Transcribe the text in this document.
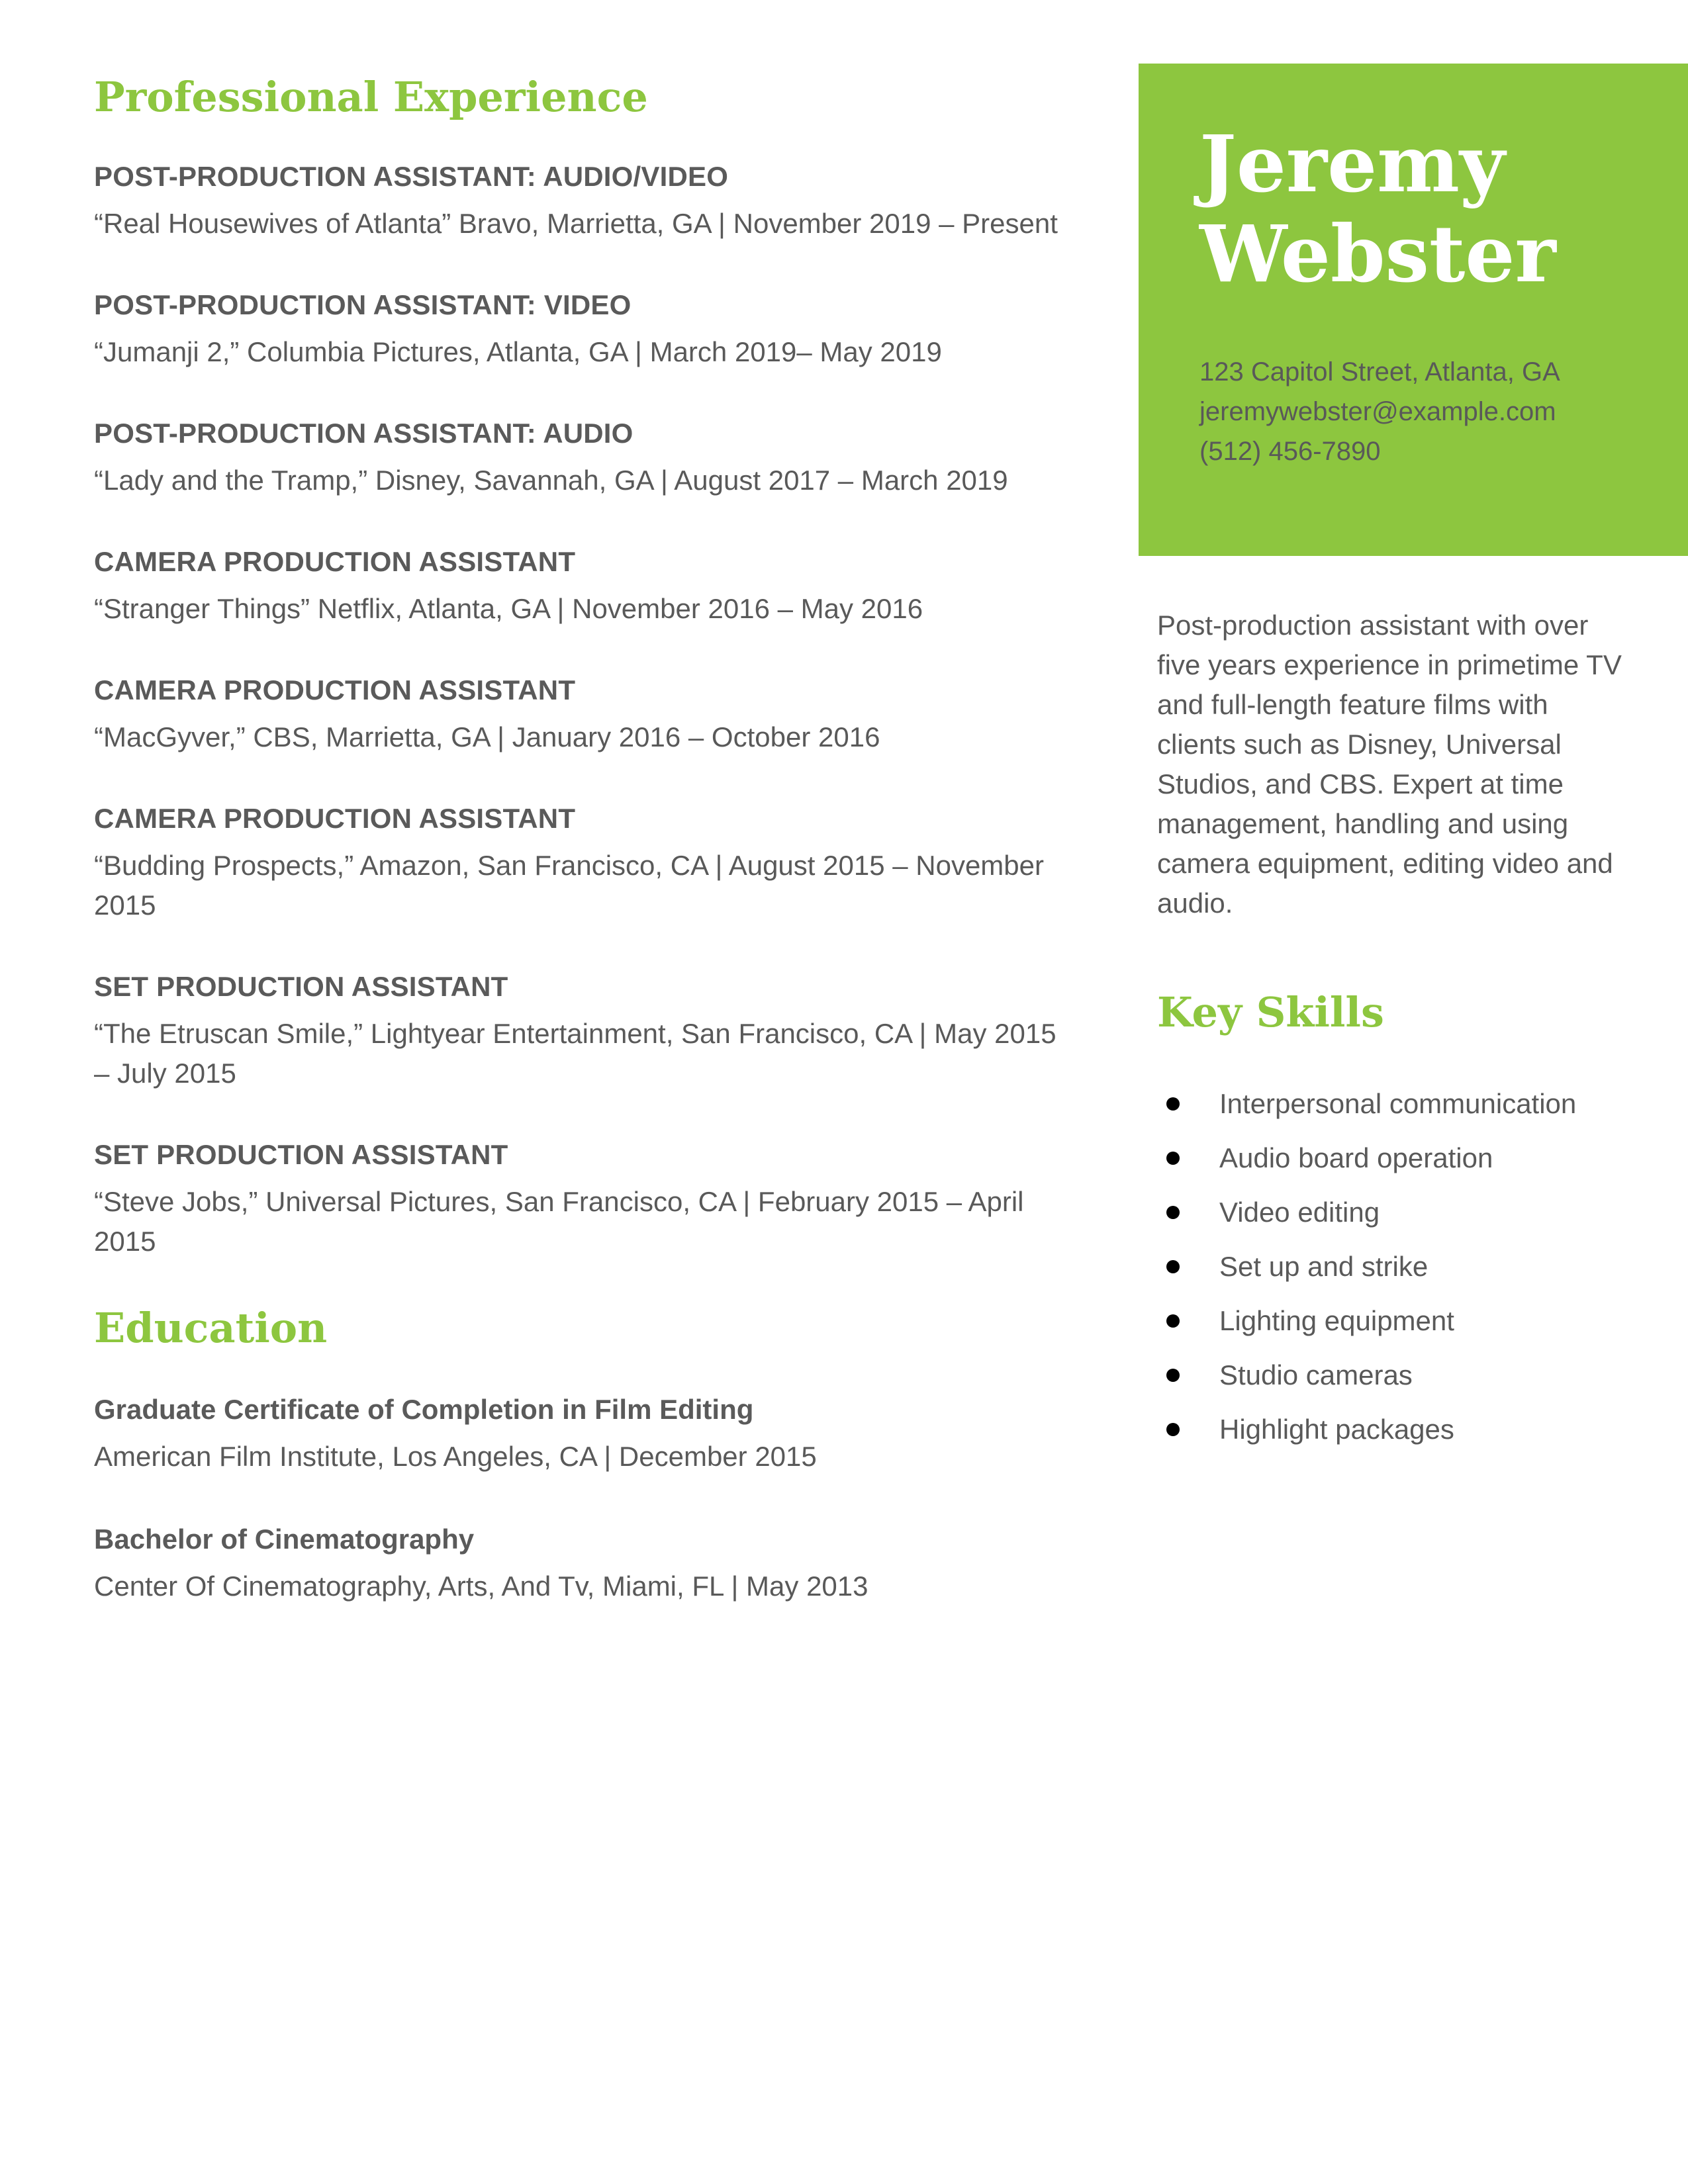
Professional Experience
POST-PRODUCTION ASSISTANT: AUDIO/VIDEO
“Real Housewives of Atlanta” Bravo, Marrietta, GA | November 2019 – Present
POST-PRODUCTION ASSISTANT: VIDEO
“Jumanji 2,” Columbia Pictures, Atlanta, GA | March 2019– May 2019
POST-PRODUCTION ASSISTANT: AUDIO
“Lady and the Tramp,” Disney, Savannah, GA | August 2017 – March 2019
CAMERA PRODUCTION ASSISTANT
“Stranger Things” Netflix, Atlanta, GA | November 2016 – May 2016
CAMERA PRODUCTION ASSISTANT
“MacGyver,” CBS, Marrietta, GA | January 2016 – October 2016
CAMERA PRODUCTION ASSISTANT
“Budding Prospects,” Amazon, San Francisco, CA | August 2015 – November 2015
SET PRODUCTION ASSISTANT
“The Etruscan Smile,” Lightyear Entertainment, San Francisco, CA | May 2015 – July 2015
SET PRODUCTION ASSISTANT
“Steve Jobs,” Universal Pictures, San Francisco, CA | February 2015 – April 2015
Education
Graduate Certificate of Completion in Film Editing
American Film Institute, Los Angeles, CA | December 2015
Bachelor of Cinematography
Center Of Cinematography, Arts, And Tv, Miami, FL | May 2013
Jeremy
Webster
123 Capitol Street, Atlanta, GA
jeremywebster@example.com
(512) 456-7890

Post-production assistant with over five years experience in primetime TV and full-length feature films with clients such as Disney, Universal Studios, and CBS. Expert at time management, handling and using camera equipment, editing video and audio.

Key Skills
Interpersonal communication
Audio board operation
Video editing
Set up and strike
Lighting equipment
Studio cameras
Highlight packages
